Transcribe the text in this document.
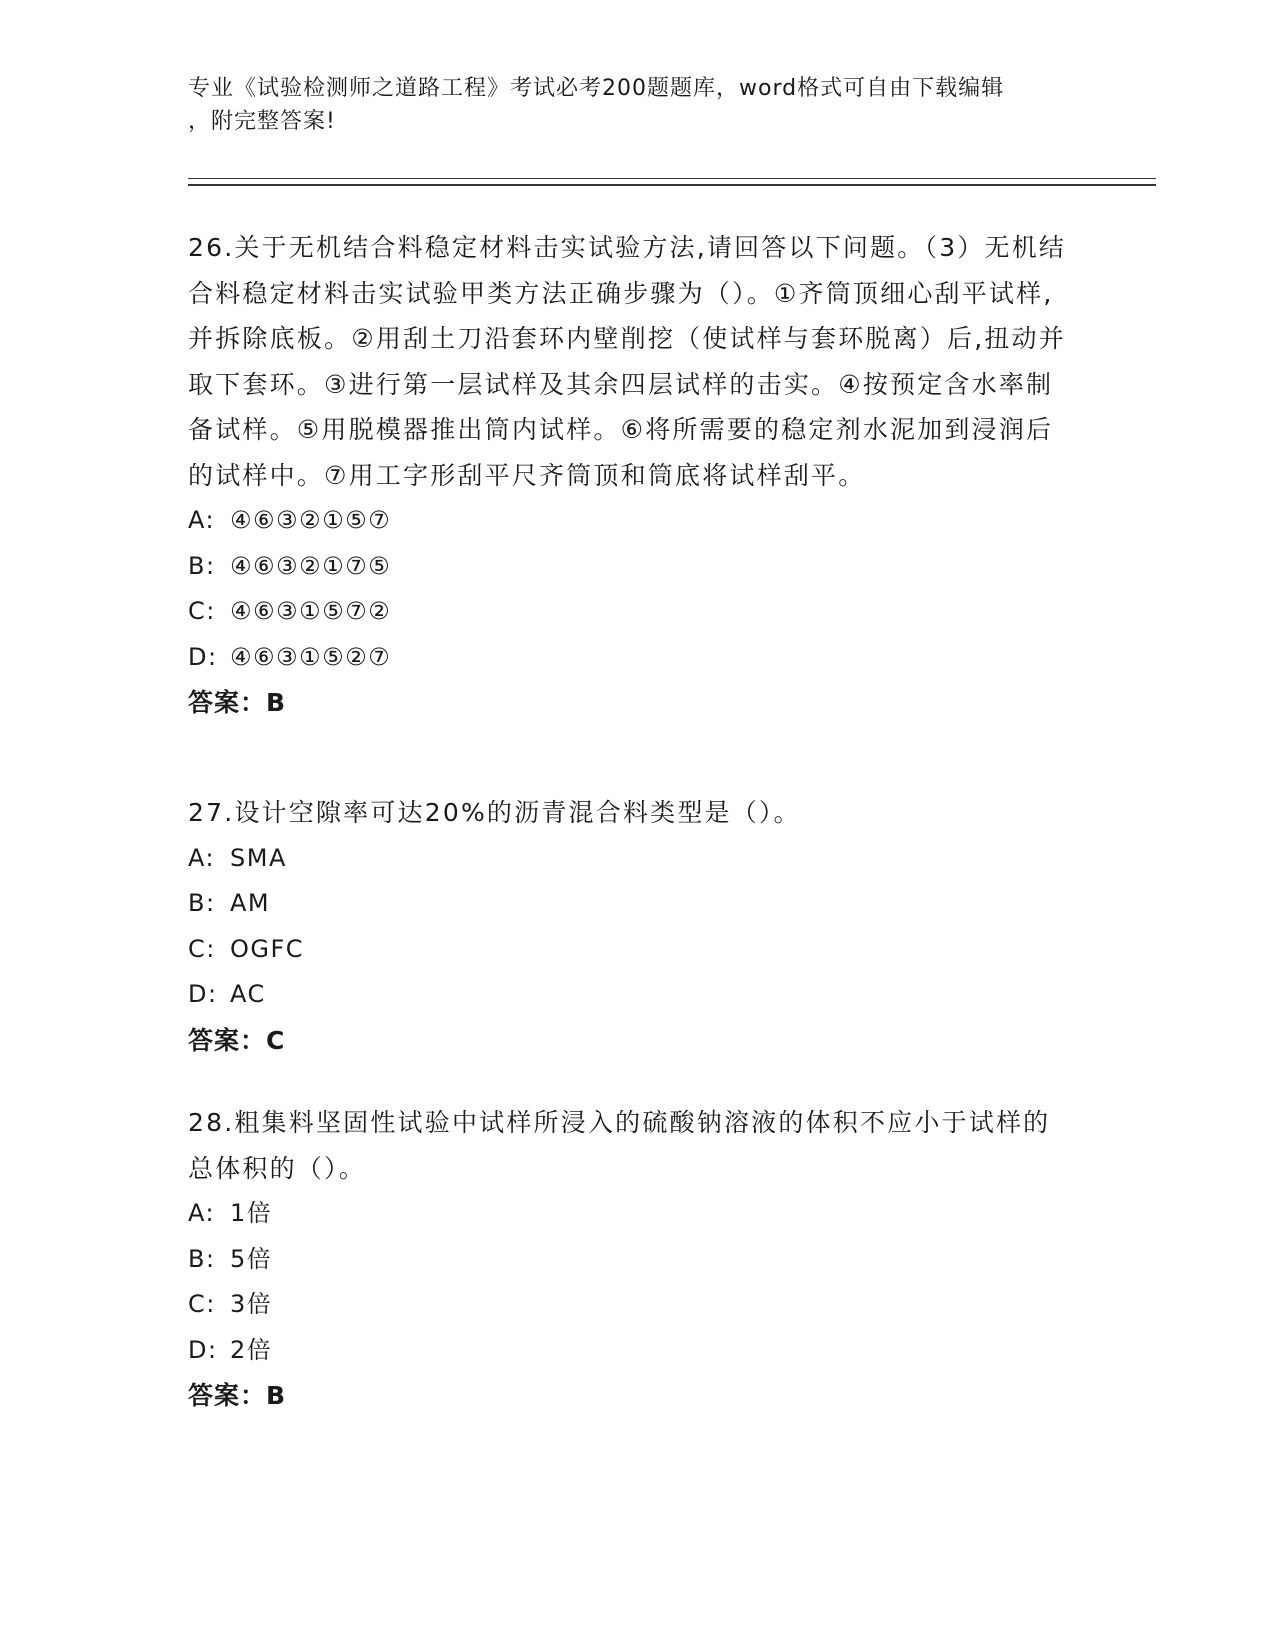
专业《试验检测师之道路工程》考试必考200题题库，word格式可自由下载编辑
，附完整答案!

26.关于无机结合料稳定材料击实试验方法,请回答以下问题。（3）无机结合料稳定材料击实试验甲类方法正确步骤为（）。①齐筒顶细心刮平试样,并拆除底板。②用刮土刀沿套环内壁削挖（使试样与套环脱离）后,扭动并取下套环。③进行第一层试样及其余四层试样的击实。④按预定含水率制备试样。⑤用脱模器推出筒内试样。⑥将所需要的稳定剂水泥加到浸润后的试样中。⑦用工字形刮平尺齐筒顶和筒底将试样刮平。

A: ④⑥③②①⑤⑦

B: ④⑥③②①⑦⑤

C: ④⑥③①⑤⑦②

D: ④⑥③①⑤②⑦

答案：B

27.设计空隙率可达20%的沥青混合料类型是（）。

A: SMA

B: AM

C: OGFC

D: AC

答案：C

28.粗集料坚固性试验中试样所浸入的硫酸钠溶液的体积不应小于试样的总体积的（）。

A: 1倍

B: 5倍

C: 3倍

D: 2倍

答案：B
